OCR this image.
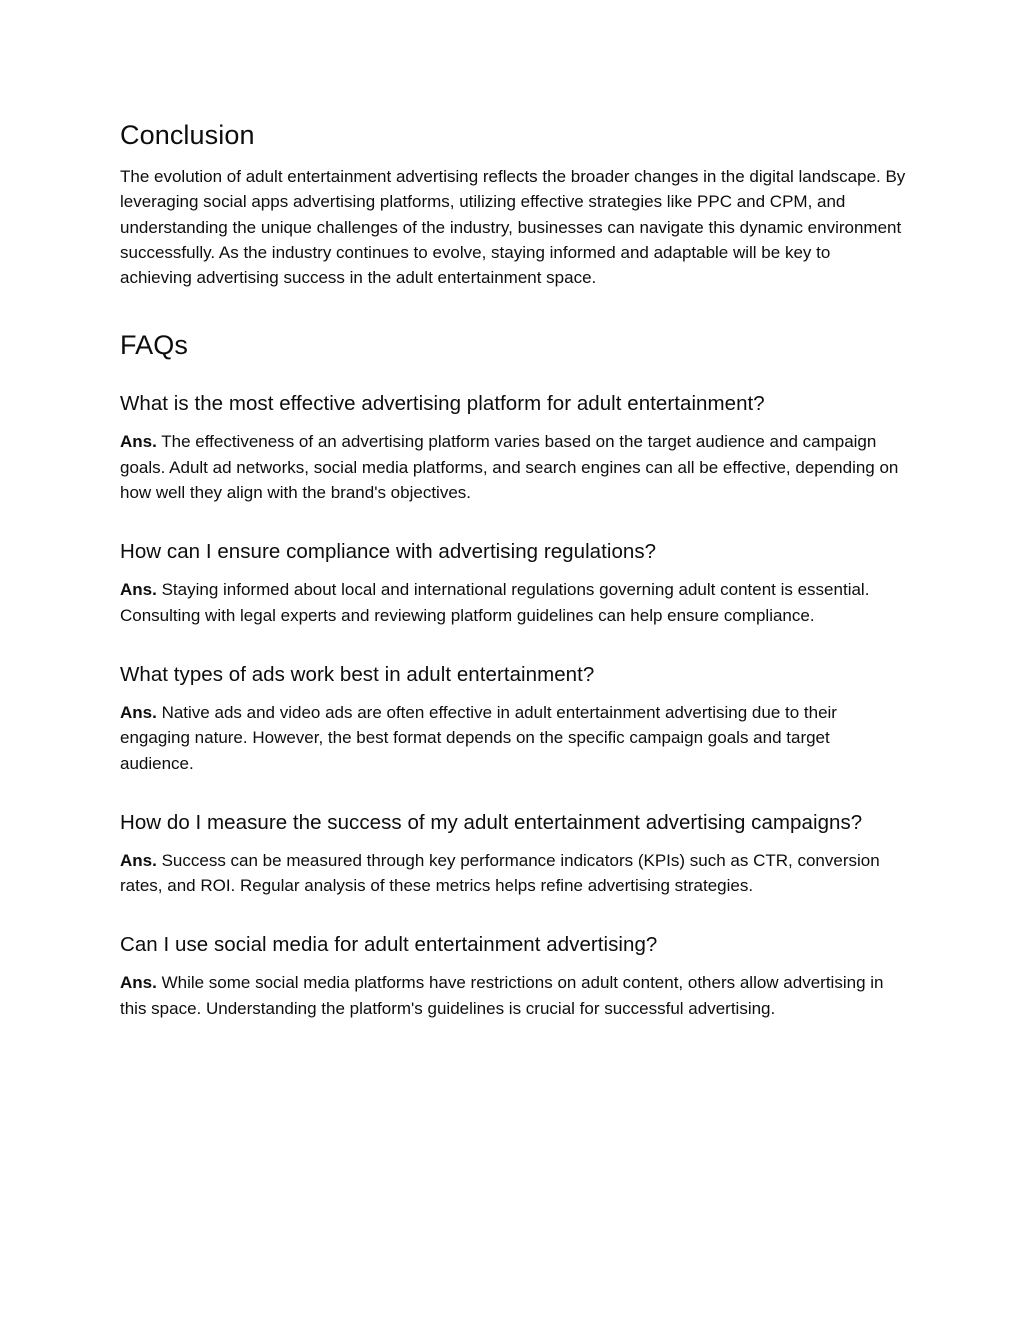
Conclusion

The evolution of adult entertainment advertising reflects the broader changes in the digital landscape. By leveraging social apps advertising platforms, utilizing effective strategies like PPC and CPM, and understanding the unique challenges of the industry, businesses can navigate this dynamic environment successfully. As the industry continues to evolve, staying informed and adaptable will be key to achieving advertising success in the adult entertainment space.

FAQs
What is the most effective advertising platform for adult entertainment?

Ans. The effectiveness of an advertising platform varies based on the target audience and campaign goals. Adult ad networks, social media platforms, and search engines can all be effective, depending on how well they align with the brand's objectives.

How can I ensure compliance with advertising regulations?

Ans. Staying informed about local and international regulations governing adult content is essential. Consulting with legal experts and reviewing platform guidelines can help ensure compliance.

What types of ads work best in adult entertainment?

Ans. Native ads and video ads are often effective in adult entertainment advertising due to their engaging nature. However, the best format depends on the specific campaign goals and target audience.

How do I measure the success of my adult entertainment advertising campaigns?

Ans. Success can be measured through key performance indicators (KPIs) such as CTR, conversion rates, and ROI. Regular analysis of these metrics helps refine advertising strategies.

Can I use social media for adult entertainment advertising?

Ans. While some social media platforms have restrictions on adult content, others allow advertising in this space. Understanding the platform's guidelines is crucial for successful advertising.
